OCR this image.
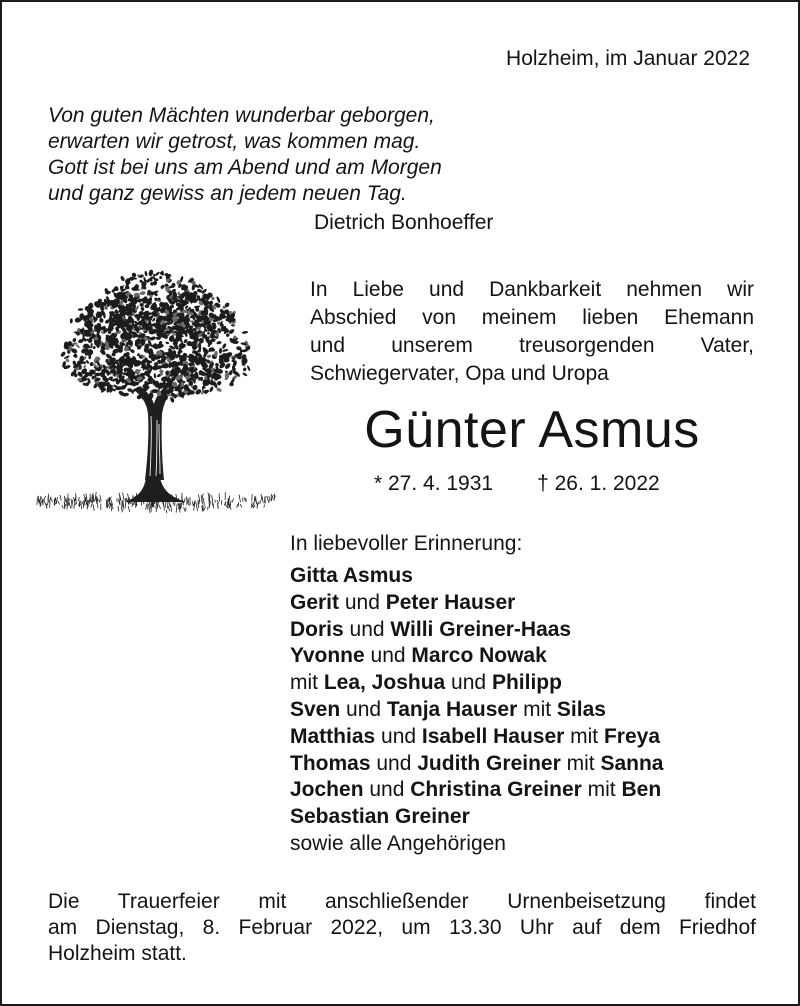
Holzheim, im Januar 2022
Von guten Mächten wunderbar geborgen,
erwarten wir getrost, was kommen mag.
Gott ist bei uns am Abend und am Morgen
und ganz gewiss an jedem neuen Tag.
Dietrich Bonhoeffer
In Liebe und Dankbarkeit nehmen wir
Abschied von meinem lieben Ehemann
und unserem treusorgenden Vater,
Schwiegervater, Opa und Uropa
Günter Asmus
* 27. 4. 1931 † 26. 1. 2022
In liebevoller Erinnerung:
Gitta Asmus
Gerit und Peter Hauser
Doris und Willi Greiner-Haas
Yvonne und Marco Nowak
mit Lea, Joshua und Philipp
Sven und Tanja Hauser mit Silas
Matthias und Isabell Hauser mit Freya
Thomas und Judith Greiner mit Sanna
Jochen und Christina Greiner mit Ben
Sebastian Greiner
sowie alle Angehörigen
Die Trauerfeier mit anschließender Urnenbeisetzung findet
am Dienstag, 8. Februar 2022, um 13.30 Uhr auf dem Friedhof
Holzheim statt.
